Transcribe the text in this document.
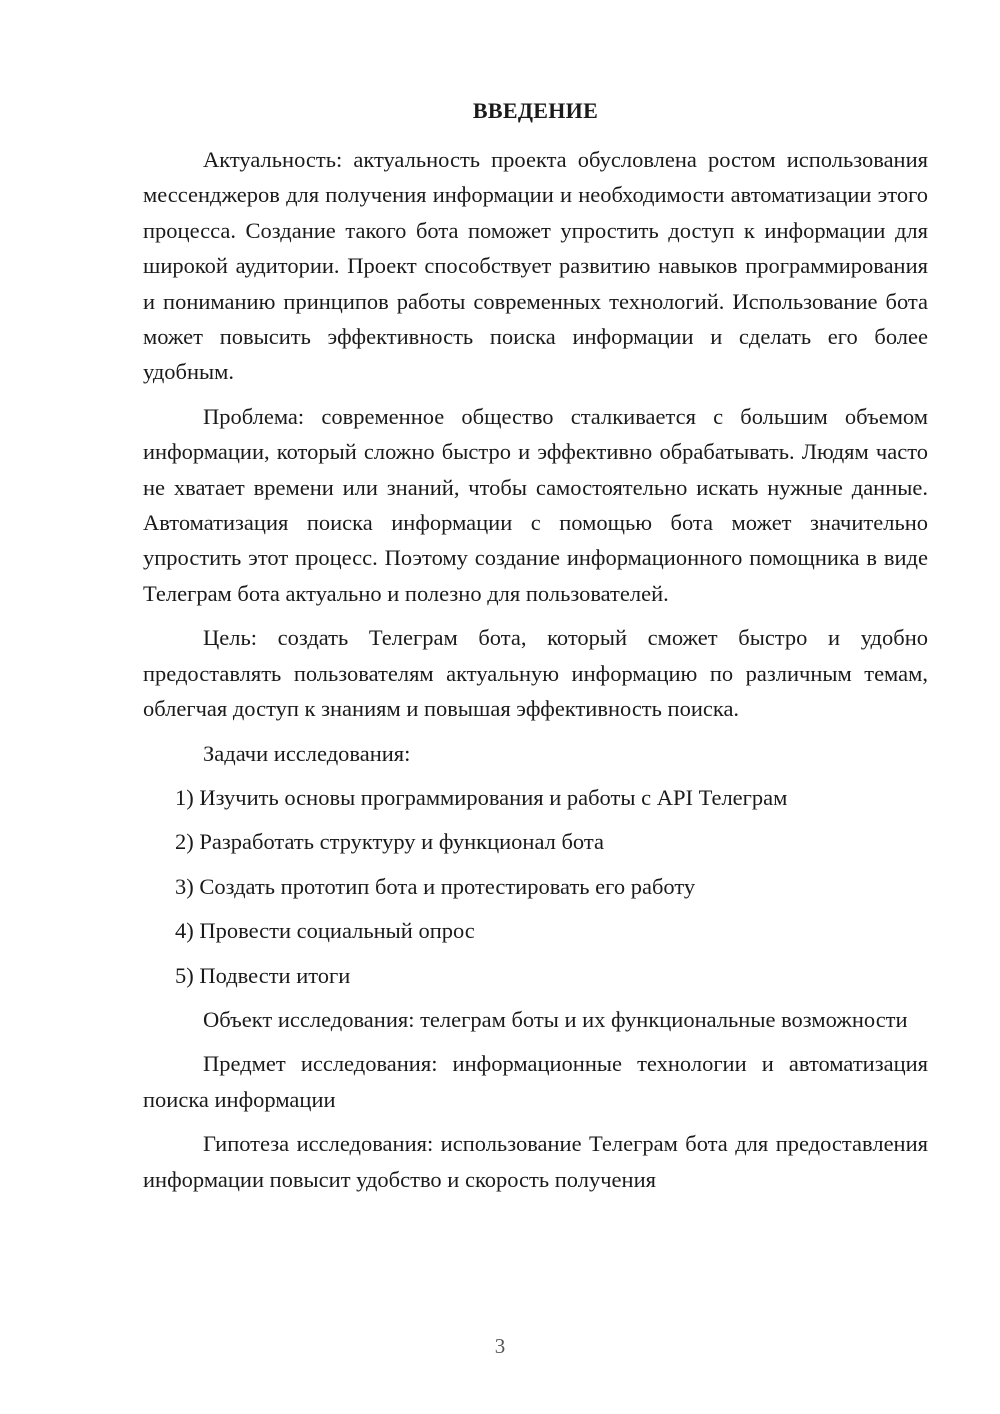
ВВЕДЕНИЕ

Актуальность: актуальность проекта обусловлена ростом использования мессенджеров для получения информации и необходимости автоматизации этого процесса. Создание такого бота поможет упростить доступ к информации для широкой аудитории. Проект способствует развитию навыков программирования и пониманию принципов работы современных технологий. Использование бота может повысить эффективность поиска информации и сделать его более удобным.

Проблема: современное общество сталкивается с большим объемом информации, который сложно быстро и эффективно обрабатывать. Людям часто не хватает времени или знаний, чтобы самостоятельно искать нужные данные. Автоматизация поиска информации с помощью бота может значительно упростить этот процесс. Поэтому создание информационного помощника в виде Телеграм бота актуально и полезно для пользователей.

Цель: создать Телеграм бота, который сможет быстро и удобно предоставлять пользователям актуальную информацию по различным темам, облегчая доступ к знаниям и повышая эффективность поиска.

Задачи исследования:

1) Изучить основы программирования и работы с API Телеграм

2) Разработать структуру и функционал бота

3) Создать прототип бота и протестировать его работу

4) Провести социальный опрос

5) Подвести итоги

Объект исследования: телеграм боты и их функциональные возможности

Предмет исследования: информационные технологии и автоматизация поиска информации

Гипотеза исследования: использование Телеграм бота для предоставления информации повысит удобство и скорость получения

3
